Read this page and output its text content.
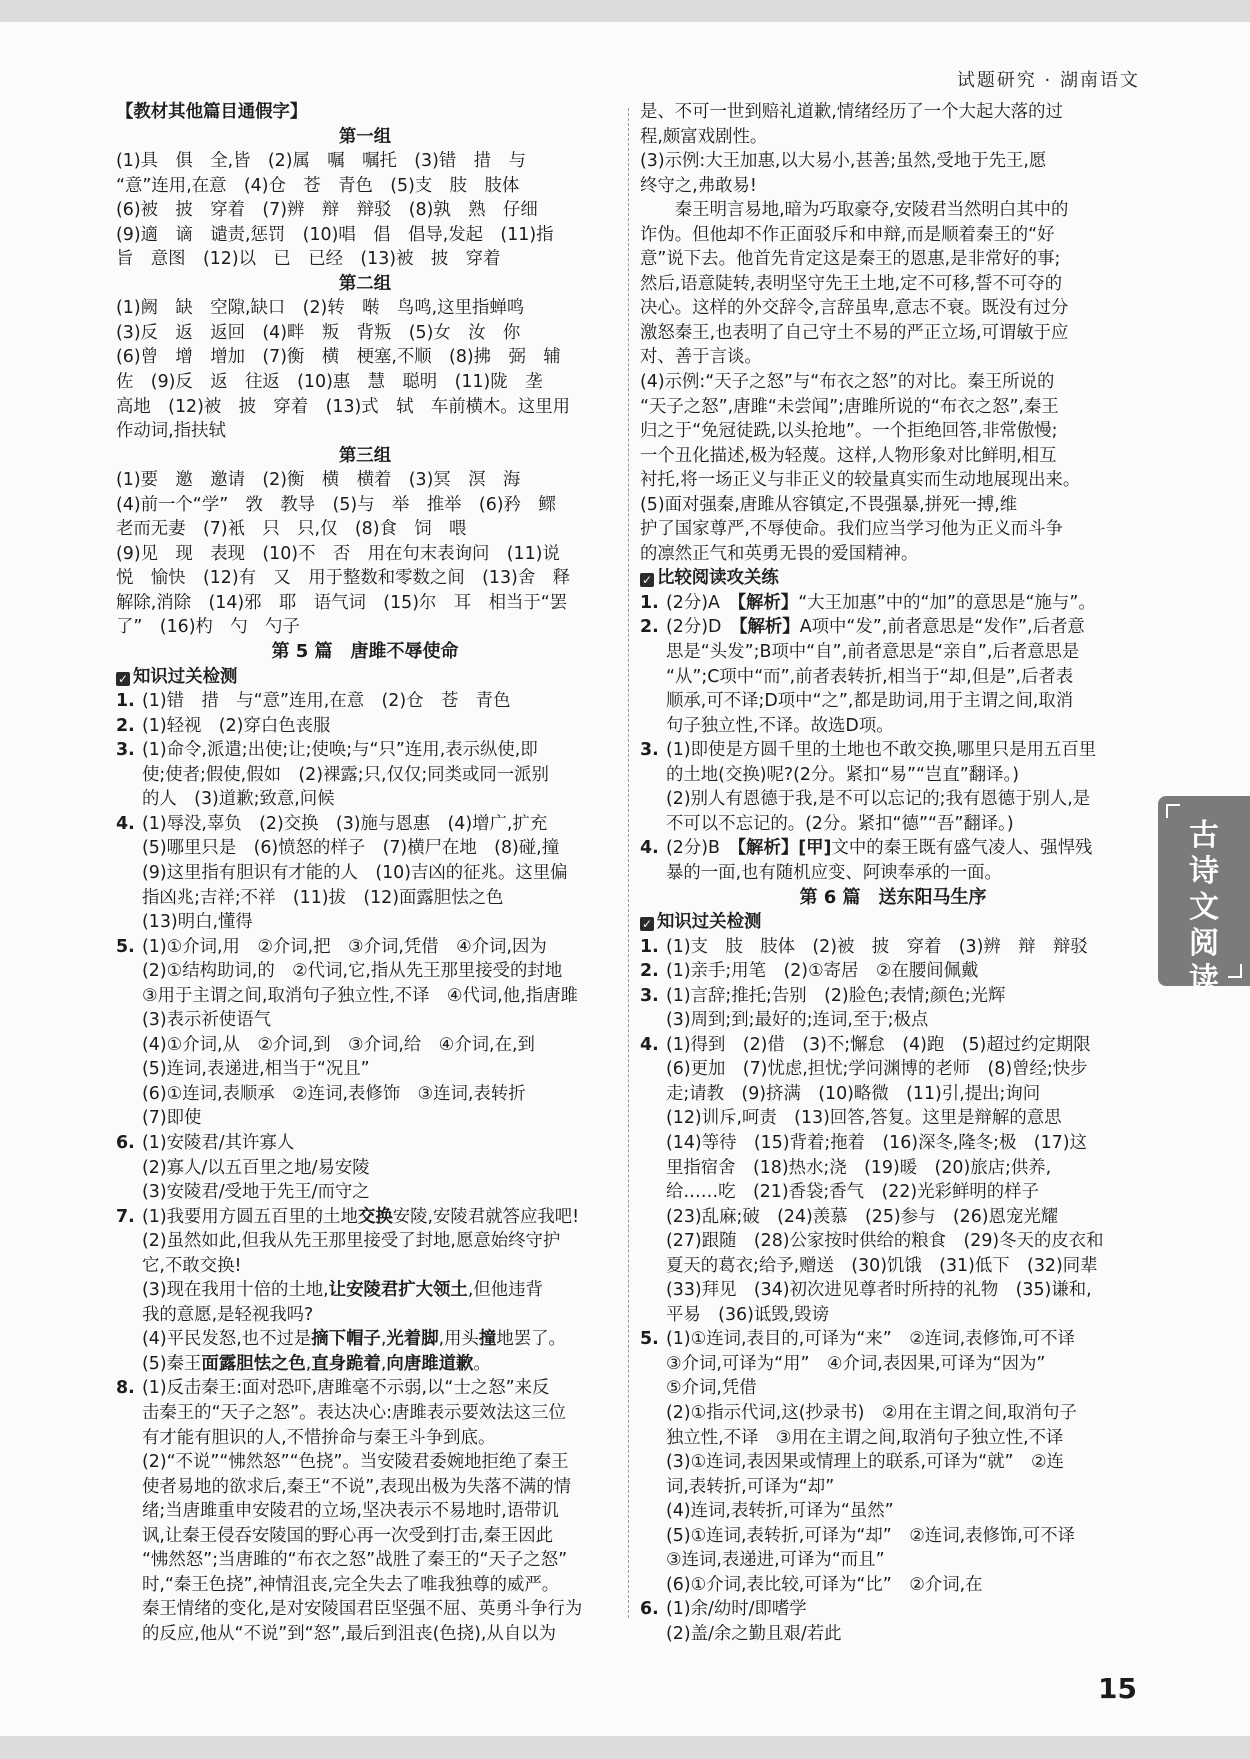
试题研究 · 湖南语文
【教材其他篇目通假字】
第一组
(1)具　俱　全,皆　(2)属　嘱　嘱托　(3)错　措　与
“意”连用,在意　(4)仓　苍　青色　(5)支　肢　肢体
(6)被　披　穿着　(7)辨　辩　辩驳　(8)孰　熟　仔细
(9)適　谪　谴责,惩罚　(10)唱　倡　倡导,发起　(11)指
旨　意图　(12)以　已　已经　(13)被　披　穿着
第二组
(1)阙　缺　空隙,缺口　(2)转　啭　鸟鸣,这里指蝉鸣
(3)反　返　返回　(4)畔　叛　背叛　(5)女　汝　你
(6)曾　增　增加　(7)衡　横　梗塞,不顺　(8)拂　弼　辅
佐　(9)反　返　往返　(10)惠　慧　聪明　(11)陇　垄
高地　(12)被　披　穿着　(13)式　轼　车前横木。这里用
作动词,指扶轼
第三组
(1)要　邀　邀请　(2)衡　横　横着　(3)冥　溟　海
(4)前一个“学”　敩　教导　(5)与　举　推举　(6)矜　鳏
老而无妻　(7)衹　只　只,仅　(8)食　饲　喂
(9)见　现　表现　(10)不　否　用在句末表询问　(11)说
悦　愉快　(12)有　又　用于整数和零数之间　(13)舍　释
解除,消除　(14)邪　耶　语气词　(15)尔　耳　相当于“罢
了”　(16)杓　勺　勺子
第 5 篇　唐雎不辱使命
✓ 知识过关检测
1. (1)错　措　与“意”连用,在意　(2)仓　苍　青色
2. (1)轻视　(2)穿白色丧服
3. (1)命令,派遣;出使;让;使唤;与“只”连用,表示纵使,即
使;使者;假使,假如　(2)裸露;只,仅仅;同类或同一派别
的人　(3)道歉;致意,问候
4. (1)辱没,辜负　(2)交换　(3)施与恩惠　(4)增广,扩充
(5)哪里只是　(6)愤怒的样子　(7)横尸在地　(8)碰,撞
(9)这里指有胆识有才能的人　(10)吉凶的征兆。这里偏
指凶兆;吉祥;不祥　(11)拔　(12)面露胆怯之色
(13)明白,懂得
5. (1)①介词,用　②介词,把　③介词,凭借　④介词,因为
(2)①结构助词,的　②代词,它,指从先王那里接受的封地
③用于主谓之间,取消句子独立性,不译　④代词,他,指唐雎
(3)表示祈使语气
(4)①介词,从　②介词,到　③介词,给　④介词,在,到
(5)连词,表递进,相当于“况且”
(6)①连词,表顺承　②连词,表修饰　③连词,表转折
(7)即使
6. (1)安陵君/其许寡人
(2)寡人/以五百里之地/易安陵
(3)安陵君/受地于先王/而守之
7. (1)我要用方圆五百里的土地交换安陵,安陵君就答应我吧!
(2)虽然如此,但我从先王那里接受了封地,愿意始终守护
它,不敢交换!
(3)现在我用十倍的土地,让安陵君扩大领土,但他违背
我的意愿,是轻视我吗?
(4)平民发怒,也不过是摘下帽子,光着脚,用头撞地罢了。
(5)秦王面露胆怯之色,直身跪着,向唐雎道歉。
8. (1)反击秦王:面对恐吓,唐雎毫不示弱,以“士之怒”来反
击秦王的“天子之怒”。表达决心:唐雎表示要效法这三位
有才能有胆识的人,不惜拚命与秦王斗争到底。
(2)“不说”“怫然怒”“色挠”。当安陵君委婉地拒绝了秦王
使者易地的欲求后,秦王“不说”,表现出极为失落不满的情
绪;当唐雎重申安陵君的立场,坚决表示不易地时,语带讥
讽,让秦王侵吞安陵国的野心再一次受到打击,秦王因此
“怫然怒”;当唐雎的“布衣之怒”战胜了秦王的“天子之怒”
时,“秦王色挠”,神情沮丧,完全失去了唯我独尊的威严。
秦王情绪的变化,是对安陵国君臣坚强不屈、英勇斗争行为
的反应,他从“不说”到“怒”,最后到沮丧(色挠),从自以为
是、不可一世到赔礼道歉,情绪经历了一个大起大落的过
程,颇富戏剧性。
(3)示例:大王加惠,以大易小,甚善;虽然,受地于先王,愿
终守之,弗敢易!
　　秦王明言易地,暗为巧取豪夺,安陵君当然明白其中的
诈伪。但他却不作正面驳斥和申辩,而是顺着秦王的“好
意”说下去。他首先肯定这是秦王的恩惠,是非常好的事;
然后,语意陡转,表明坚守先王土地,定不可移,誓不可夺的
决心。这样的外交辞令,言辞虽卑,意志不衰。既没有过分
激怒秦王,也表明了自己守土不易的严正立场,可谓敏于应
对、善于言谈。
(4)示例:“天子之怒”与“布衣之怒”的对比。秦王所说的
“天子之怒”,唐雎“未尝闻”;唐雎所说的“布衣之怒”,秦王
归之于“免冠徒跣,以头抢地”。一个拒绝回答,非常傲慢;
一个丑化描述,极为轻蔑。这样,人物形象对比鲜明,相互
衬托,将一场正义与非正义的较量真实而生动地展现出来。
(5)面对强秦,唐雎从容镇定,不畏强暴,拼死一搏,维
护了国家尊严,不辱使命。我们应当学习他为正义而斗争
的凛然正气和英勇无畏的爱国精神。
✓ 比较阅读攻关练
1. (2分)A　【解析】“大王加惠”中的“加”的意思是“施与”。
2. (2分)D　【解析】A项中“发”,前者意思是“发作”,后者意
思是“头发”;B项中“自”,前者意思是“亲自”,后者意思是
“从”;C项中“而”,前者表转折,相当于“却,但是”,后者表
顺承,可不译;D项中“之”,都是助词,用于主谓之间,取消
句子独立性,不译。故选D项。
3. (1)即使是方圆千里的土地也不敢交换,哪里只是用五百里
的土地(交换)呢?(2分。紧扣“易”“岂直”翻译。)
(2)别人有恩德于我,是不可以忘记的;我有恩德于别人,是
不可以不忘记的。(2分。紧扣“德”“吾”翻译。)
4. (2分)B　【解析】[甲]文中的秦王既有盛气凌人、强悍残
暴的一面,也有随机应变、阿谀奉承的一面。
第 6 篇　送东阳马生序
✓ 知识过关检测
1. (1)支　肢　肢体　(2)被　披　穿着　(3)辨　辩　辩驳
2. (1)亲手;用笔　(2)①寄居　②在腰间佩戴
3. (1)言辞;推托;告别　(2)脸色;表情;颜色;光辉
(3)周到;到;最好的;连词,至于;极点
4. (1)得到　(2)借　(3)不;懈怠　(4)跑　(5)超过约定期限
(6)更加　(7)忧虑,担忧;学问渊博的老师　(8)曾经;快步
走;请教　(9)挤满　(10)略微　(11)引,提出;询问
(12)训斥,呵责　(13)回答,答复。这里是辩解的意思
(14)等待　(15)背着;拖着　(16)深冬,隆冬;极　(17)这
里指宿舍　(18)热水;浇　(19)暖　(20)旅店;供养,
给……吃　(21)香袋;香气　(22)光彩鲜明的样子
(23)乱麻;破　(24)羡慕　(25)参与　(26)恩宠光耀
(27)跟随　(28)公家按时供给的粮食　(29)冬天的皮衣和
夏天的葛衣;给予,赠送　(30)饥饿　(31)低下　(32)同辈
(33)拜见　(34)初次进见尊者时所持的礼物　(35)谦和,
平易　(36)诋毁,毁谤
5. (1)①连词,表目的,可译为“来”　②连词,表修饰,可不译
③介词,可译为“用”　④介词,表因果,可译为“因为”
⑤介词,凭借
(2)①指示代词,这(抄录书)　②用在主谓之间,取消句子
独立性,不译　③用在主谓之间,取消句子独立性,不译
(3)①连词,表因果或情理上的联系,可译为“就”　②连
词,表转折,可译为“却”
(4)连词,表转折,可译为“虽然”
(5)①连词,表转折,可译为“却”　②连词,表修饰,可不译
③连词,表递进,可译为“而且”
(6)①介词,表比较,可译为“比”　②介词,在
6. (1)余/幼时/即嗜学
(2)盖/余之勤且艰/若此
古诗文阅读
15
